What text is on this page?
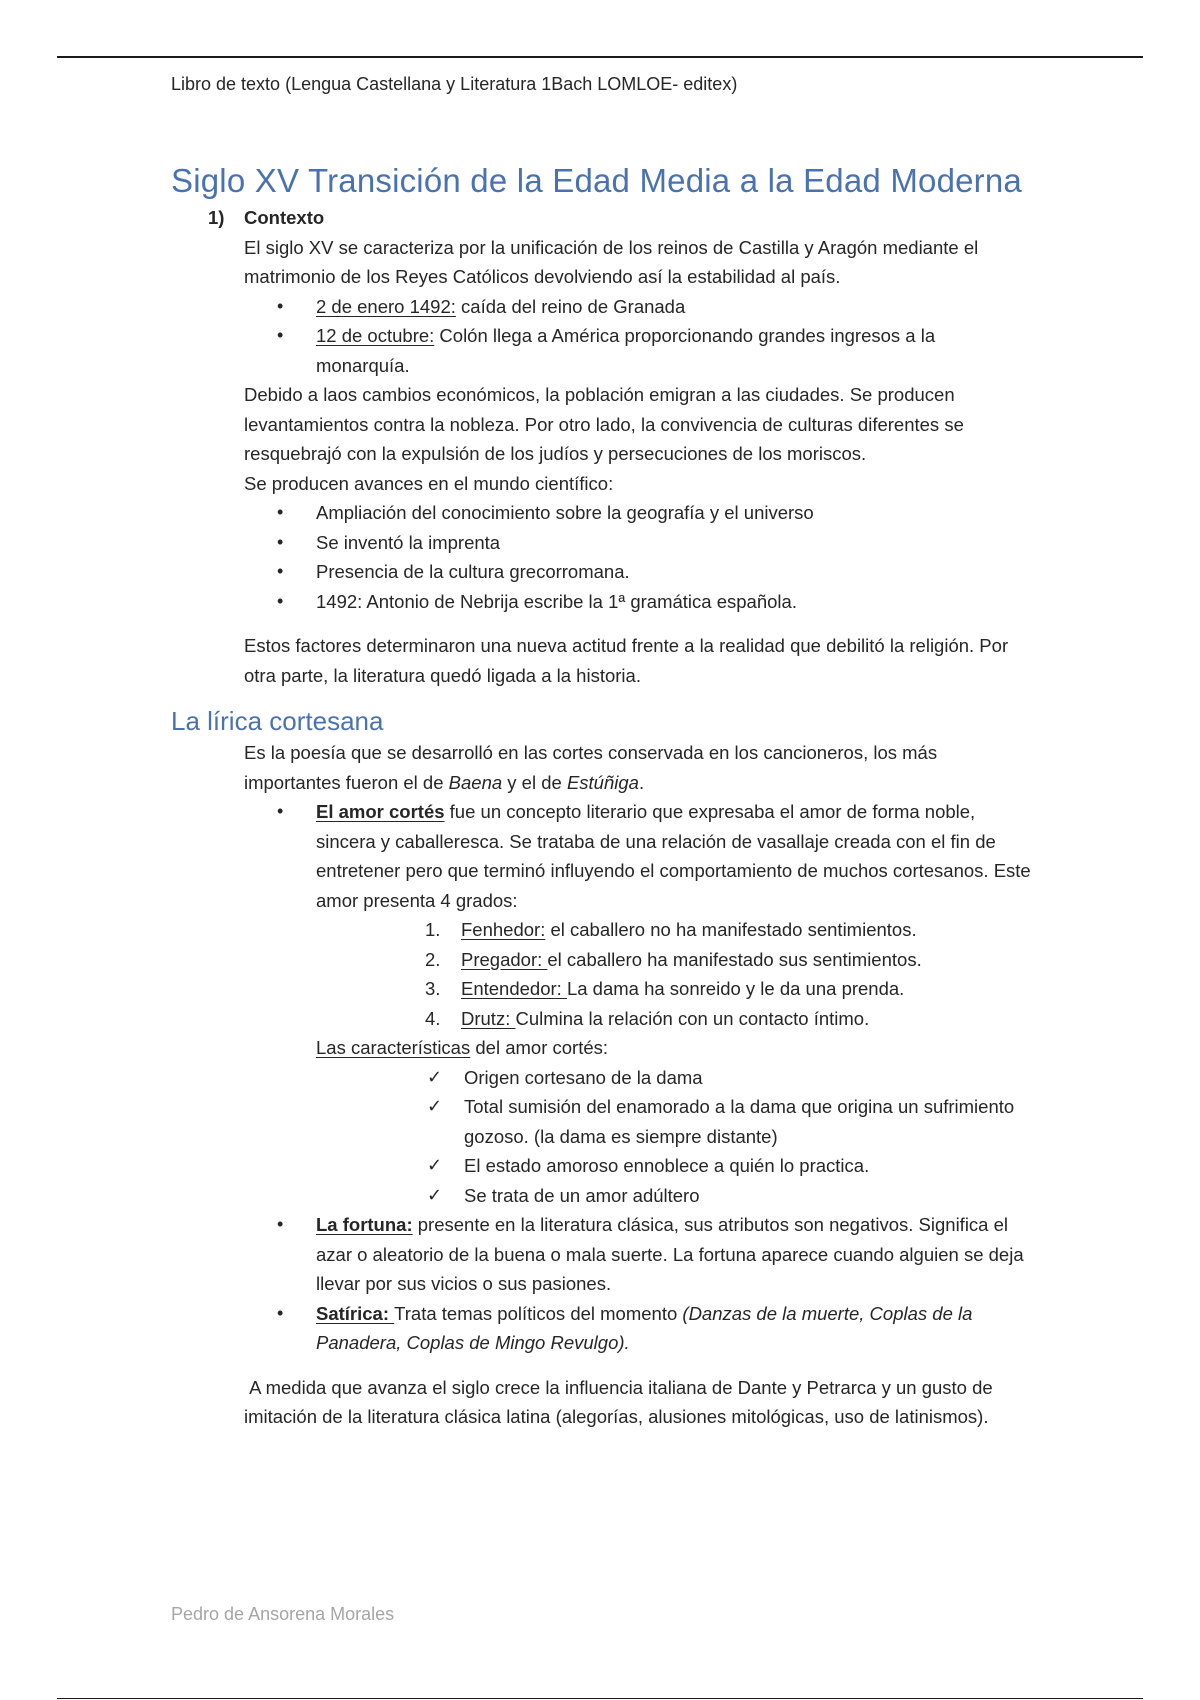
Libro de texto (Lengua Castellana y Literatura 1Bach LOMLOE- editex)
Siglo XV Transición de la Edad Media a la Edad Moderna
1) Contexto

El siglo XV se caracteriza por la unificación de los reinos de Castilla y Aragón mediante el matrimonio de los Reyes Católicos devolviendo así la estabilidad al país.

• 2 de enero 1492: caída del reino de Granada
• 12 de octubre: Colón llega a América proporcionando grandes ingresos a la monarquía.

Debido a laos cambios económicos, la población emigran a las ciudades. Se producen levantamientos contra la nobleza. Por otro lado, la convivencia de culturas diferentes se resquebrajó con la expulsión de los judíos y persecuciones de los moriscos.

Se producen avances en el mundo científico:

• Ampliación del conocimiento sobre la geografía y el universo
• Se inventó la imprenta
• Presencia de la cultura grecorromana.
• 1492: Antonio de Nebrija escribe la 1ª gramática española.

Estos factores determinaron una nueva actitud frente a la realidad que debilitó la religión. Por otra parte, la literatura quedó ligada a la historia.

La lírica cortesana

Es la poesía que se desarrolló en las cortes conservada en los cancioneros, los más importantes fueron el de Baena y el de Estúñiga.

• El amor cortés fue un concepto literario que expresaba el amor de forma noble, sincera y caballeresca. Se trataba de una relación de vasallaje creada con el fin de entretener pero que terminó influyendo el comportamiento de muchos cortesanos. Este amor presenta 4 grados:
1. Fenhedor: el caballero no ha manifestado sentimientos.
2. Pregador: el caballero ha manifestado sus sentimientos.
3. Entendedor: La dama ha sonreido y le da una prenda.
4. Drutz: Culmina la relación con un contacto íntimo.
Las características del amor cortés:
✓ Origen cortesano de la dama
✓ Total sumisión del enamorado a la dama que origina un sufrimiento gozoso. (la dama es siempre distante)
✓ El estado amoroso ennoblece a quién lo practica.
✓ Se trata de un amor adúltero
• La fortuna: presente en la literatura clásica, sus atributos son negativos. Significa el azar o aleatorio de la buena o mala suerte. La fortuna aparece cuando alguien se deja llevar por sus vicios o sus pasiones.
• Satírica: Trata temas políticos del momento (Danzas de la muerte, Coplas de la Panadera, Coplas de Mingo Revulgo).

A medida que avanza el siglo crece la influencia italiana de Dante y Petrarca y un gusto de imitación de la literatura clásica latina (alegorías, alusiones mitológicas, uso de latinismos).

Pedro de Ansorena Morales
